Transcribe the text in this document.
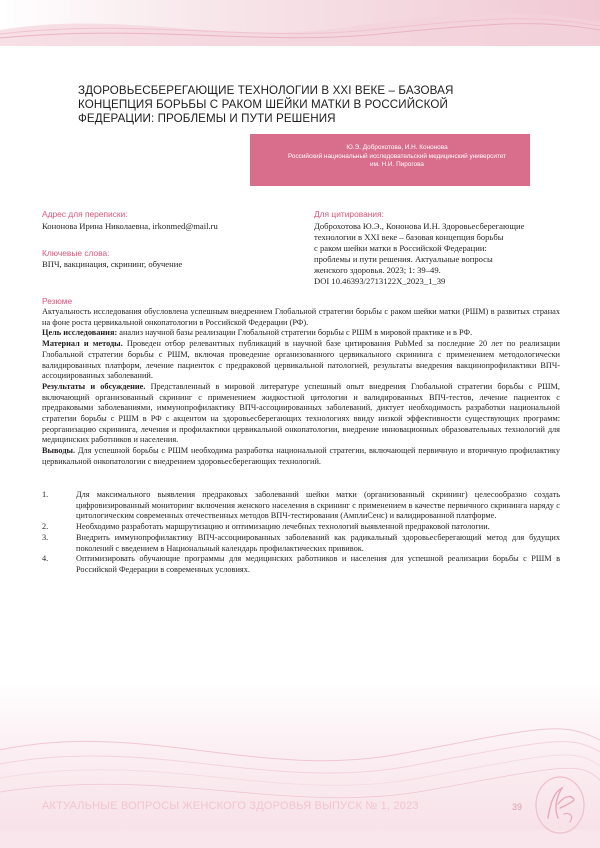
ЗДОРОВЬЕСБЕРЕГАЮЩИЕ ТЕХНОЛОГИИ В XXI ВЕКЕ – БАЗОВАЯ
КОНЦЕПЦИЯ БОРЬБЫ С РАКОМ ШЕЙКИ МАТКИ В РОССИЙСКОЙ
ФЕДЕРАЦИИ: ПРОБЛЕМЫ И ПУТИ РЕШЕНИЯ
Ю.Э. Доброхотова, И.Н. Кононова
Российский национальный исследовательский медицинский университет
им. Н.И. Пирогова
Адрес для переписки:
Кононова Ирина Николаевна, irkonmed@mail.ru
Ключевые слова:
ВПЧ, вакцинация, скрининг, обучение
Для цитирования:
Доброхотова Ю.Э., Кононова И.Н. Здоровьесберегающие
технологии в XXI веке – базовая концепция борьбы
с раком шейки матки в Российской Федерации:
проблемы и пути решения. Актуальные вопросы
женского здоровья. 2023; 1: 39–49.
DOI 10.46393/2713122X_2023_1_39
Резюме

Актуальность исследования обусловлена успешным внедрением Глобальной стратегии борьбы с раком шейки матки (РШМ) в развитых странах на фоне роста цервикальной онкопатологии в Российской Федерации (РФ).

Цель исследования: анализ научной базы реализации Глобальной стратегии борьбы с РШМ в мировой практике и в РФ.

Материал и методы. Проведен отбор релевантных публикаций в научной базе цитирования PubMed за последние 20 лет по реализации Глобальной стратегии борьбы с РШМ, включая проведение организованного цервикального скрининга с применением методологически валидированных платформ, лечение пациенток с предраковой цервикальной патологией, результаты внедрения вакцинопрофилактики ВПЧ-ассоциированных заболеваний.

Результаты и обсуждение. Представленный в мировой литературе успешный опыт внедрения Глобальной стратегии борьбы с РШМ, включающий организованный скрининг с применением жидкостной цитологии и валидированных ВПЧ-тестов, лечение пациенток с предраковыми заболеваниями, иммунопрофилактику ВПЧ-ассоциированных заболеваний, диктует необходимость разработки национальной стратегии борьбы с РШМ в РФ с акцентом на здоровьесберегающих технологиях ввиду низкой эффективности существующих программ: реорганизацию скрининга, лечения и профилактики цервикальной онкопатологии, внедрение инновационных образовательных технологий для медицинских работников и населения.

Выводы. Для успешной борьбы с РШМ необходима разработка национальной стратегии, включающей первичную и вторичную профилактику цервикальной онкопатологии с внедрением здоровьесберегающих технологий.

1.	Для максимального выявления предраковых заболеваний шейки матки (организованный скрининг) целесообразно создать цифровизированный мониторинг включения женского населения в скрининг с применением в качестве первичного скрининга наряду с цитологическим современных отечественных методов ВПЧ-тестирования (АмплиСенс) и валидированной платформе.
2.	Необходимо разработать маршрутизацию и оптимизацию лечебных технологий выявленной предраковой патологии.
3.	Внедрить иммунопрофилактику ВПЧ-ассоциированных заболеваний как радикальный здоровьесберегающий метод для будущих поколений с введением в Национальный календарь профилактических прививок.
4.	Оптимизировать обучающие программы для медицинских работников и населения для успешной реализации борьбы с РШМ в Российской Федерации в современных условиях.
АКТУАЛЬНЫЕ ВОПРОСЫ ЖЕНСКОГО ЗДОРОВЬЯ ВЫПУСК № 1, 2023	39
